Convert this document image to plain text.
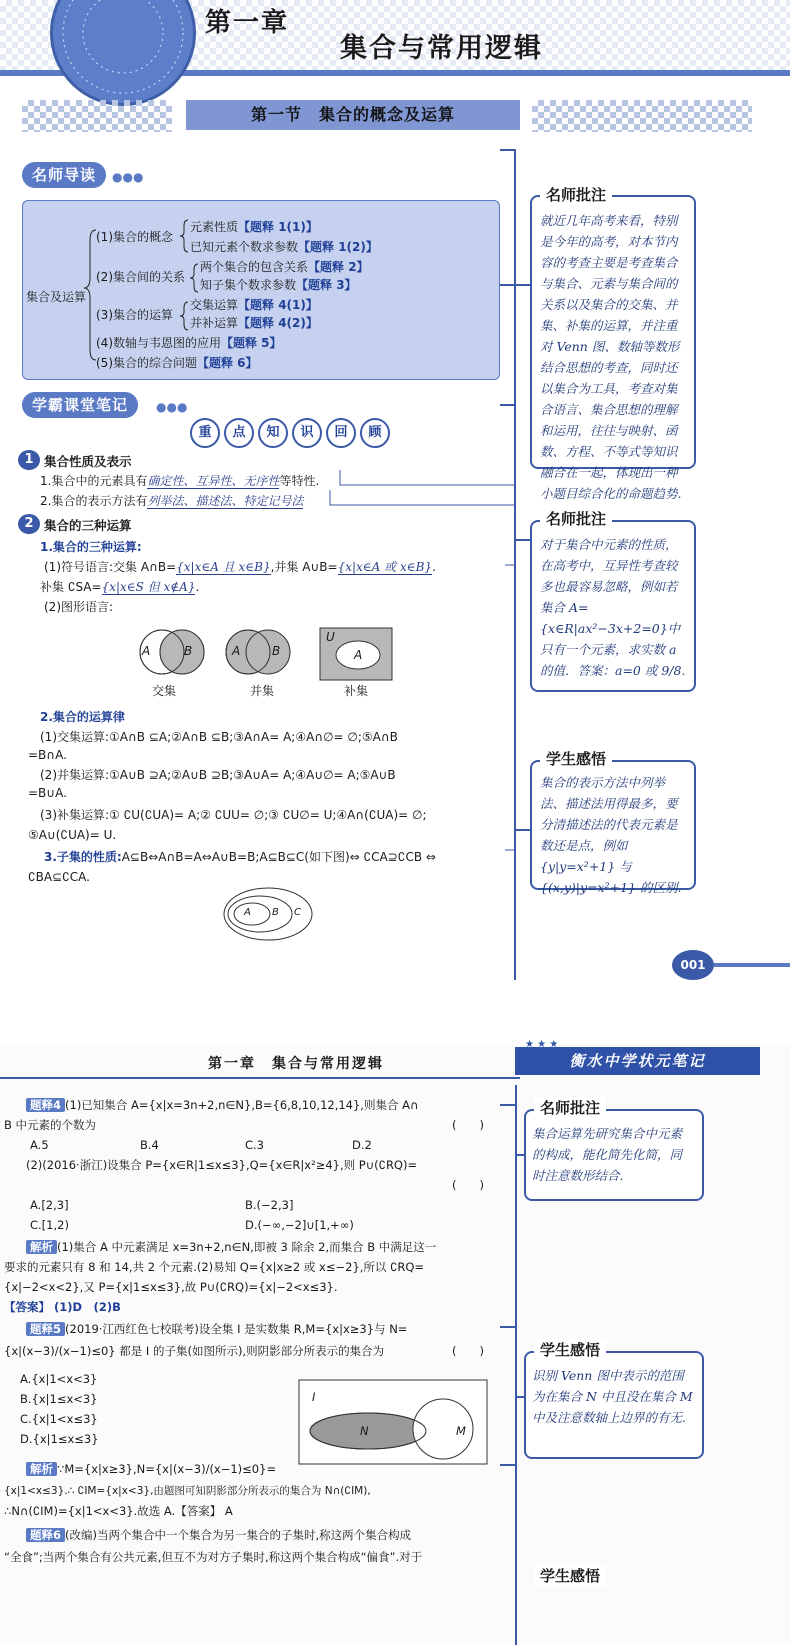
第一章
集合与常用逻辑
第一节　集合的概念及运算
名师导读	●●●
集合及运算
(1)集合的概念
元素性质【题释 1(1)】
已知元素个数求参数【题释 1(2)】
(2)集合间的关系
两个集合的包含关系【题释 2】
知子集个数求参数【题释 3】
(3)集合的运算
交集运算【题释 4(1)】
并补运算【题释 4(2)】
(4)数轴与韦恩图的应用【题释 5】
(5)集合的综合问题【题释 6】
学霸课堂笔记	●●●
重	点	知	识	回	顾
1 集合性质及表示
1.集合中的元素具有确定性、互异性、无序性等特性.
2.集合的表示方法有列举法、描述法、特定记号法
2 集合的三种运算
1.集合的三种运算:
(1)符号语言:交集 A∩B={x|x∈A 且 x∈B},并集 A∪B={x|x∈A 或 x∈B}.
补集 ∁SA={x|x∈S 但 x∉A}.
(2)图形语言:
A	B	A	B
U
A
交集	并集	补集
2.集合的运算律
(1)交集运算:①A∩B ⊆A;②A∩B ⊆B;③A∩A= A;④A∩∅= ∅;⑤A∩B
=B∩A.
(2)并集运算:①A∪B ⊇A;②A∪B ⊇B;③A∪A= A;④A∪∅= A;⑤A∪B
=B∪A.
(3)补集运算:① ∁U(∁UA)= A;② ∁UU= ∅;③ ∁U∅= U;④A∩(∁UA)= ∅;
⑤A∪(∁UA)= U.
3.子集的性质:A⊆B⇔A∩B=A⇔A∪B=B;A⊆B⊆C(如下图)⇔ ∁CA⊇∁CB ⇔
∁BA⊆∁CA.
A B C
名师批注
就近几年高考来看，特别是今年的高考，对本节内容的考查主要是考查集合与集合、元素与集合间的关系以及集合的交集、并集、补集的运算，并注重对 Venn 图、数轴等数形结合思想的考查，同时还以集合为工具，考查对集合语言、集合思想的理解和运用，往往与映射、函数、方程、不等式等知识融合在一起，体现出一种小题目综合化的命题趋势.
名师批注
对于集合中元素的性质，在高考中，互异性考查较多也最容易忽略，例如若集合 A={x∈R|ax²−3x+2=0}中只有一个元素，求实数 a 的值．答案：a=0 或 9/8.
学生感悟
集合的表示方法中列举法、描述法用得最多，要分清描述法的代表元素是数还是点，例如 {y|y=x²+1} 与 {(x,y)|y=x²+1} 的区别.
001
第一章　集合与常用逻辑	衡水中学状元笔记
★ ★ ★
题释4 (1)已知集合 A={x|x=3n+2,n∈N},B={6,8,10,12,14},则集合 A∩
B 中元素的个数为	(　　)
A.5	B.4	C.3	D.2
(2)(2016·浙江)设集合 P={x∈R|1≤x≤3},Q={x∈R|x²≥4},则 P∪(∁RQ)=
(　　)
A.[2,3]	B.(−2,3]
C.[1,2)	D.(−∞,−2]∪[1,+∞)
解析 (1)集合 A 中元素满足 x=3n+2,n∈N,即被 3 除余 2,而集合 B 中满足这一
要求的元素只有 8 和 14,共 2 个元素.(2)易知 Q={x|x≥2 或 x≤−2},所以 ∁RQ=
{x|−2<x<2},又 P={x|1≤x≤3},故 P∪(∁RQ)={x|−2<x≤3}.
【答案】 (1)D　(2)B
题释5 (2019·江西红色七校联考)设全集 I 是实数集 R,M={x|x≥3}与 N=
{x|(x−3)/(x−1)≤0} 都是 I 的子集(如图所示),则阴影部分所表示的集合为	(　　)
A.{x|1<x<3}
B.{x|1≤x<3}
C.{x|1<x≤3}
D.{x|1≤x≤3}
I
N	M
解析 ∵M={x|x≥3},N={x|(x−3)/(x−1)≤0}=
{x|1<x≤3}.∴ ∁IM={x|x<3},由题图可知阴影部分所表示的集合为 N∩(∁IM),
∴N∩(∁IM)={x|1<x<3}.故选 A.【答案】 A
题释6 (改编)当两个集合中一个集合为另一集合的子集时,称这两个集合构成
“全食”;当两个集合有公共元素,但互不为对方子集时,称这两个集合构成“偏食”.对于
名师批注
集合运算先研究集合中元素的构成，能化简先化简，同时注意数形结合.
学生感悟
识别 Venn 图中表示的范围为在集合 N 中且没在集合 M 中及注意数轴上边界的有无.
学生感悟
